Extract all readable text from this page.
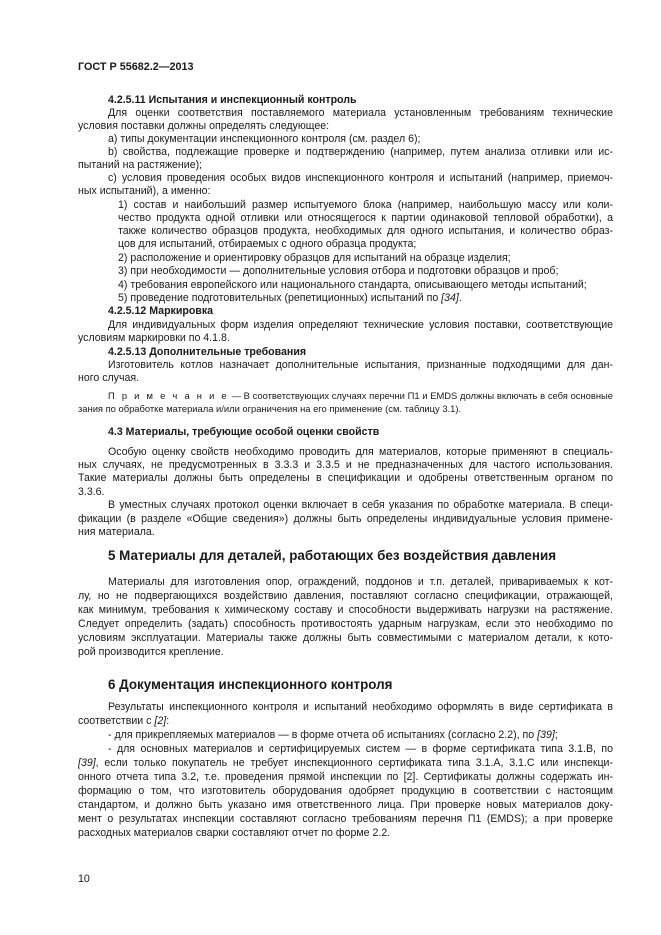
ГОСТ Р 55682.2—2013
4.2.5.11 Испытания и инспекционный контроль
Для оценки соответствия поставляемого материала установленным требованиям технические
условия поставки должны определять следующее:
a) типы документации инспекционного контроля (см. раздел 6);
b) свойства, подлежащие проверке и подтверждению (например, путем анализа отливки или ис-
пытаний на растяжение);
c) условия проведения особых видов инспекционного контроля и испытаний (например, приемоч-
ных испытаний), а именно:
1) состав и наибольший размер испытуемого блока (например, наибольшую массу или коли-
чество продукта одной отливки или относящегося к партии одинаковой тепловой обработки), а
также количество образцов продукта, необходимых для одного испытания, и количество образ-
цов для испытаний, отбираемых с одного образца продукта;
2) расположение и ориентировку образцов для испытаний на образце изделия;
3) при необходимости — дополнительные условия отбора и подготовки образцов и проб;
4) требования европейского или национального стандарта, описывающего методы испытаний;
5) проведение подготовительных (репетиционных) испытаний по [34].
4.2.5.12 Маркировка
Для индивидуальных форм изделия определяют технические условия поставки, соответствующие
условиям маркировки по 4.1.8.
4.2.5.13 Дополнительные требования
Изготовитель котлов назначает дополнительные испытания, признанные подходящими для дан-
ного случая.
П р и м е ч а н и е — В соответствующих случаях перечни П1 и EMDS должны включать в себя основные
зания по обработке материала и/или ограничения на его применение (см. таблицу 3.1).
4.3 Материалы, требующие особой оценки свойств
Особую оценку свойств необходимо проводить для материалов, которые применяют в специаль-
ных случаях, не предусмотренных в 3.3.3 и 3.3.5 и не предназначенных для частого использования.
Такие материалы должны быть определены в спецификации и одобрены ответственным органом по
3.3.6.
В уместных случаях протокол оценки включает в себя указания по обработке материала. В специ-
фикации (в разделе «Общие сведения») должны быть определены индивидуальные условия примене-
ния материала.
Материалы для изготовления опор, ограждений, поддонов и т.п. деталей, привариваемых к кот-
лу, но не подвергающихся воздействию давления, поставляют согласно спецификации, отражающей,
как минимум, требования к химическому составу и способности выдерживать нагрузки на растяжение.
Следует определить (задать) способность противостоять ударным нагрузкам, если это необходимо по
условиям эксплуатации. Материалы также должны быть совместимыми с материалом детали, к кото-
рой производится крепление.
Результаты инспекционного контроля и испытаний необходимо оформлять в виде сертификата в
соответствии с [2]:
- для прикрепляемых материалов — в форме отчета об испытаниях (согласно 2.2), по [39];
- для основных материалов и сертифицируемых систем — в форме сертификата типа 3.1.В, по
[39], если только покупатель не требует инспекционного сертификата типа 3.1.А, 3.1.С или инспекци-
онного отчета типа 3.2, т.е. проведения прямой инспекции по [2]. Сертификаты должны содержать ин-
формацию о том, что изготовитель оборудования одобряет продукцию в соответствии с настоящим
стандартом, и должно быть указано имя ответственного лица. При проверке новых материалов доку-
мент о результатах инспекции составляют согласно требованиям перечня П1 (EMDS); а при проверке
расходных материалов сварки составляют отчет по форме 2.2.
5 Материалы для деталей, работающих без воздействия давления
6 Документация инспекционного контроля
10
